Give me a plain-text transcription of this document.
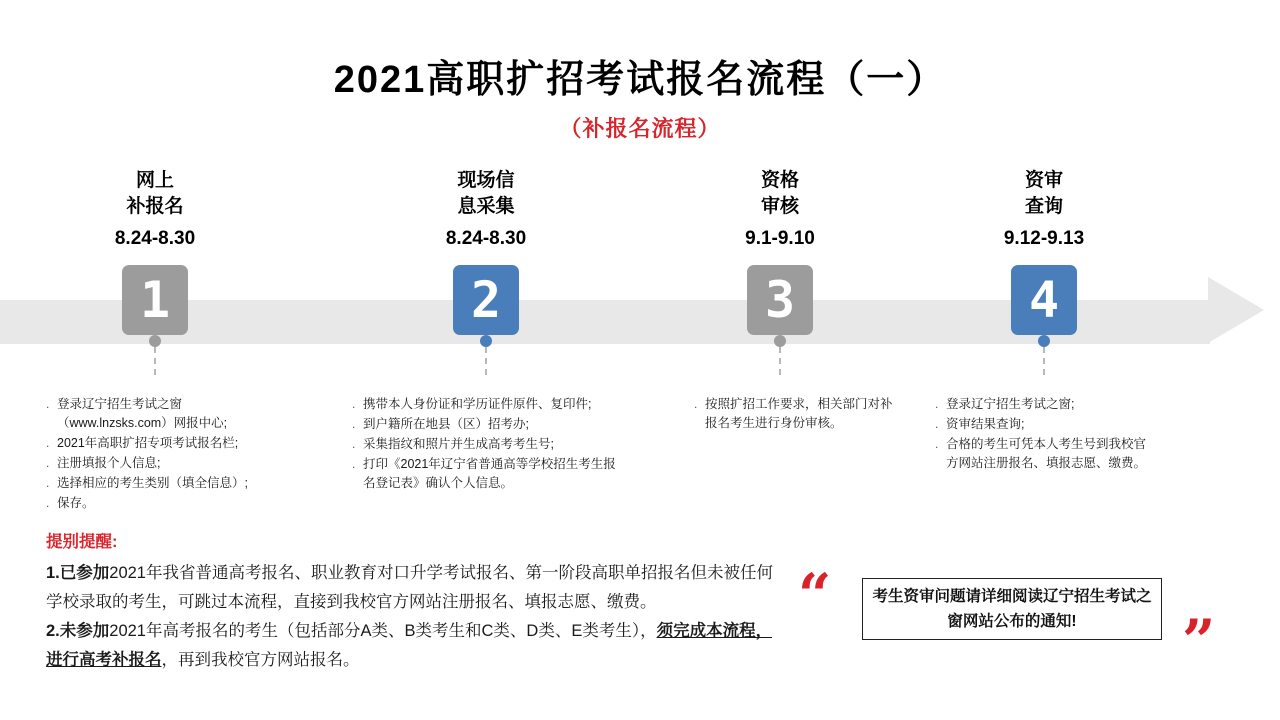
2021高职扩招考试报名流程（一）
（补报名流程）
网上
补报名
8.24-8.30
1
. 登录辽宁招生考试之窗（www.lnzsks.com）网报中心;
. 2021年高职扩招专项考试报名栏;
. 注册填报个人信息;
. 选择相应的考生类别（填全信息）;
. 保存。
现场信
息采集
8.24-8.30
2
. 携带本人身份证和学历证件原件、复印件;
. 到户籍所在地县（区）招考办;
. 采集指纹和照片并生成高考考生号;
. 打印《2021年辽宁省普通高等学校招生考生报名登记表》确认个人信息。
资格
审核
9.1-9.10
3
. 按照扩招工作要求，相关部门对补报名考生进行身份审核。
资审
查询
9.12-9.13
4
. 登录辽宁招生考试之窗;
. 资审结果查询;
. 合格的考生可凭本人考生号到我校官方网站注册报名、填报志愿、缴费。
提别提醒:

1.已参加2021年我省普通高考报名、职业教育对口升学考试报名、第一阶段高职单招报名但未被任何学校录取的考生，可跳过本流程，直接到我校官方网站注册报名、填报志愿、缴费。

2.未参加2021年高考报名的考生（包括部分A类、B类考生和C类、D类、E类考生），须完成本流程，进行高考补报名，再到我校官方网站报名。

“	考生资审问题请详细阅读辽宁招生考试之窗网站公布的通知!	”
